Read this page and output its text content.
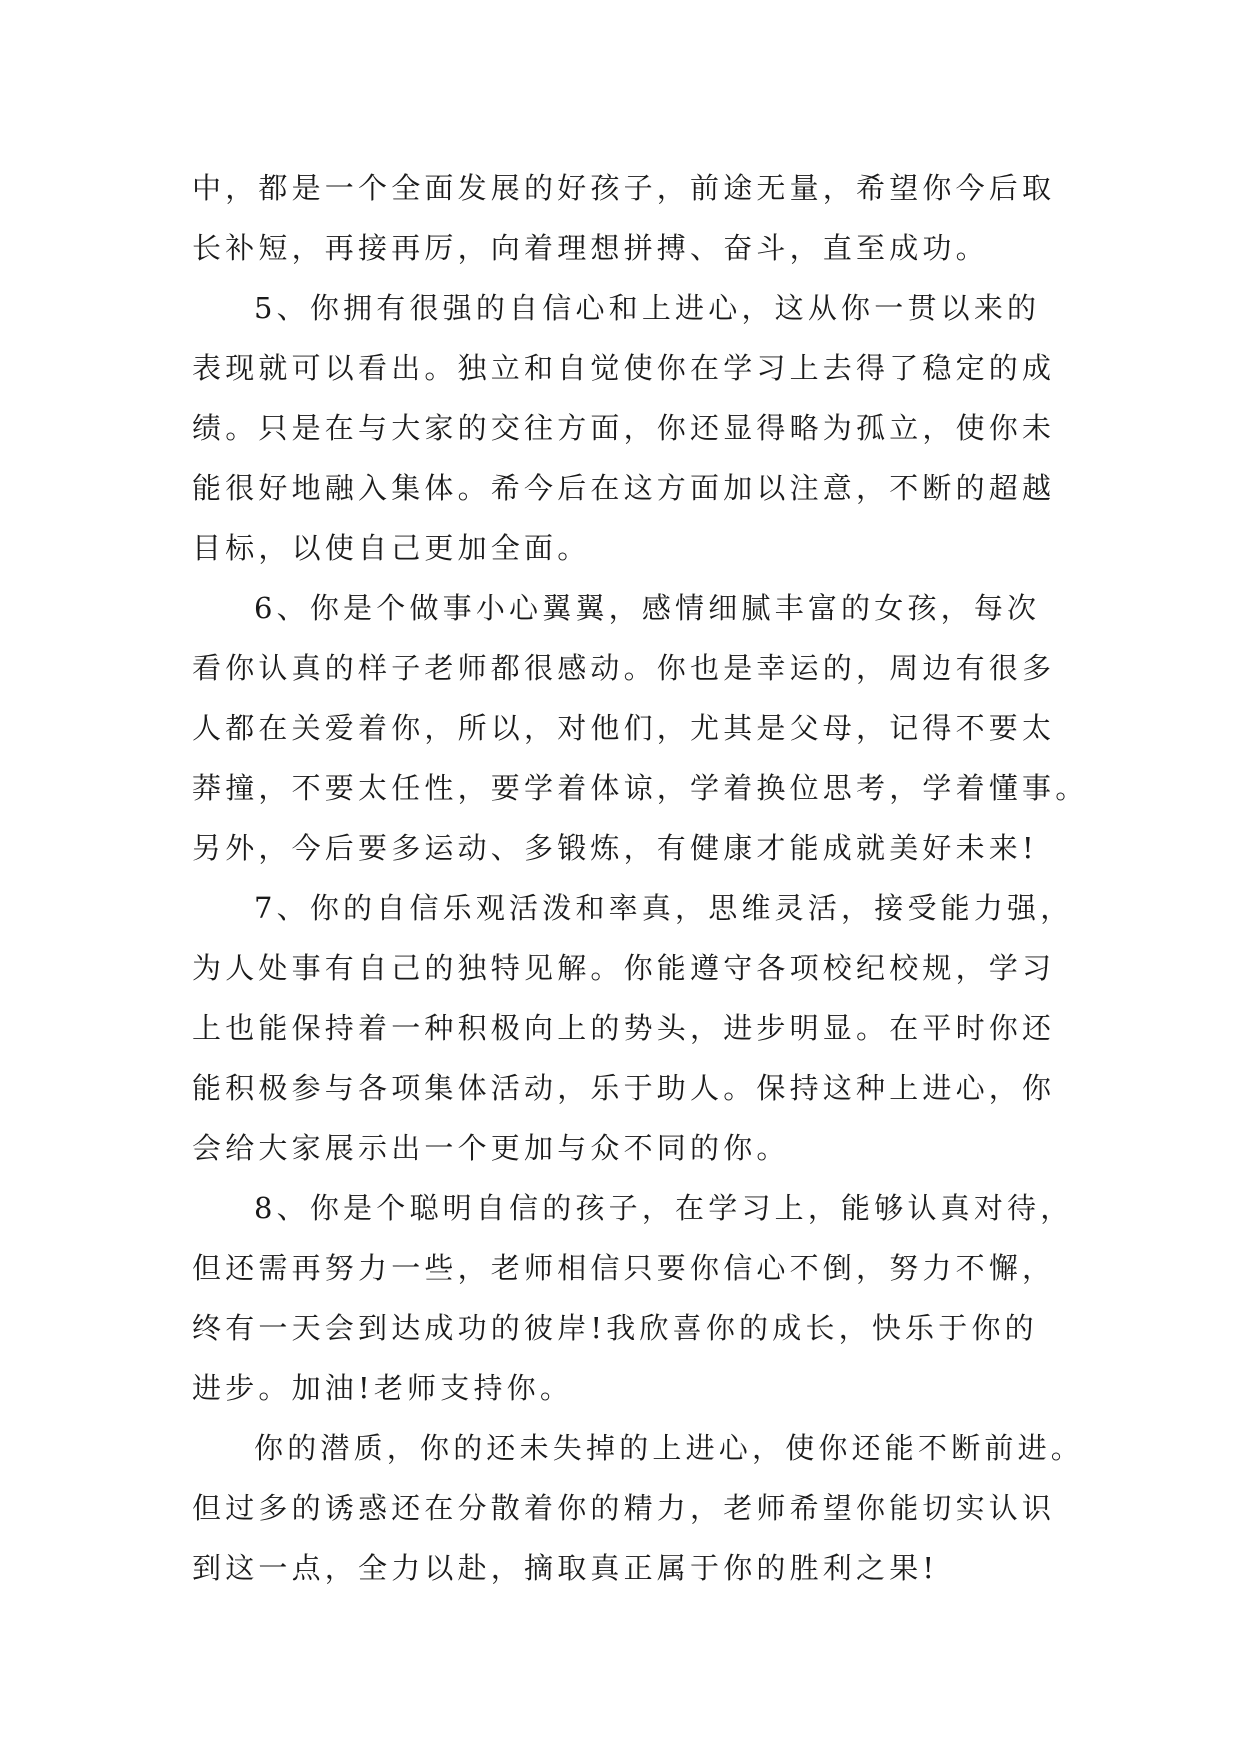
中，都是一个全面发展的好孩子，前途无量，希望你今后取
长补短，再接再厉，向着理想拼搏、奋斗，直至成功。
5、你拥有很强的自信心和上进心，这从你一贯以来的
表现就可以看出。独立和自觉使你在学习上去得了稳定的成
绩。只是在与大家的交往方面，你还显得略为孤立，使你未
能很好地融入集体。希今后在这方面加以注意，不断的超越
目标，以使自己更加全面。
6、你是个做事小心翼翼，感情细腻丰富的女孩，每次
看你认真的样子老师都很感动。你也是幸运的，周边有很多
人都在关爱着你，所以，对他们，尤其是父母，记得不要太
莽撞，不要太任性，要学着体谅，学着换位思考，学着懂事。
另外，今后要多运动、多锻炼，有健康才能成就美好未来!
7、你的自信乐观活泼和率真，思维灵活，接受能力强，
为人处事有自己的独特见解。你能遵守各项校纪校规，学习
上也能保持着一种积极向上的势头，进步明显。在平时你还
能积极参与各项集体活动，乐于助人。保持这种上进心，你
会给大家展示出一个更加与众不同的你。
8、你是个聪明自信的孩子，在学习上，能够认真对待，
但还需再努力一些，老师相信只要你信心不倒，努力不懈，
终有一天会到达成功的彼岸!我欣喜你的成长，快乐于你的
进步。加油!老师支持你。
你的潜质，你的还未失掉的上进心，使你还能不断前进。
但过多的诱惑还在分散着你的精力，老师希望你能切实认识
到这一点，全力以赴，摘取真正属于你的胜利之果!
